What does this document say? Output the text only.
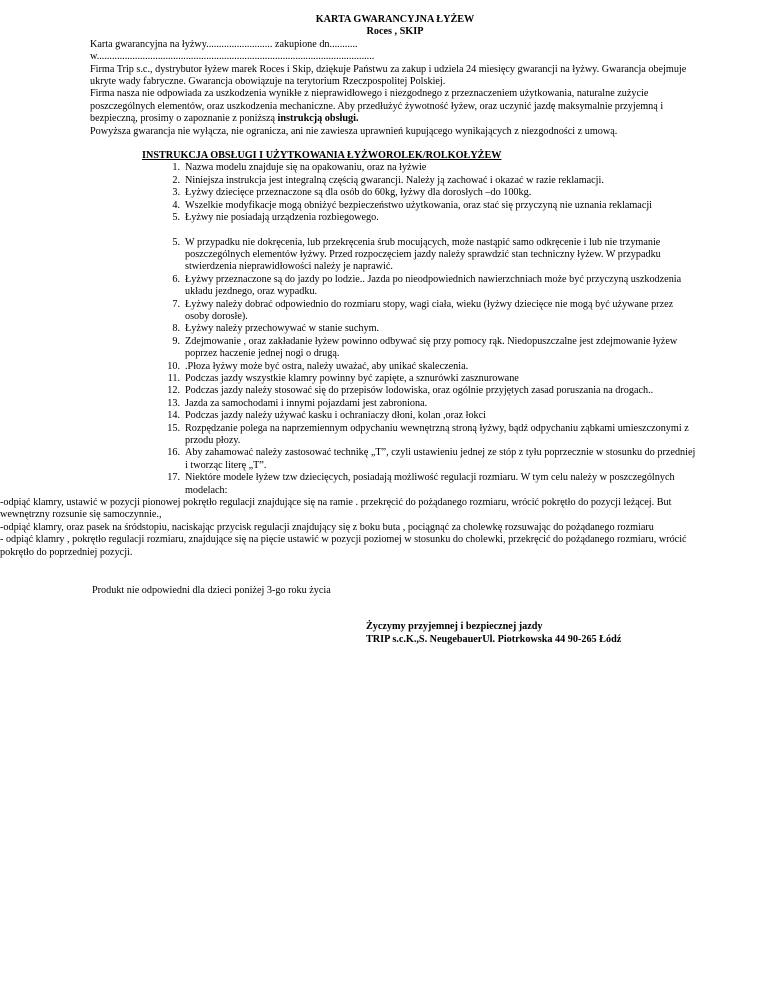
KARTA GWARANCYJNA ŁYŻEW
Roces , SKIP

Karta gwarancyjna na łyżwy.......................... zakupione dn...........

w.............................................................................................................

Firma Trip s.c., dystrybutor łyżew marek Roces i Skip, dziękuje Państwu za zakup i udziela 24 miesięcy gwarancji na łyżwy. Gwarancja obejmuje ukryte wady fabryczne. Gwarancja obowiązuje na terytorium Rzeczpospolitej Polskiej.

Firma nasza nie odpowiada za uszkodzenia wynikłe z nieprawidłowego i niezgodnego z przeznaczeniem użytkowania, naturalne zużycie poszczególnych elementów, oraz uszkodzenia mechaniczne. Aby przedłużyć żywotność łyżew, oraz uczynić jazdę maksymalnie przyjemną i bezpieczną, prosimy o zapoznanie z poniższą instrukcją obsługi.

Powyższa gwarancja nie wyłącza, nie ogranicza, ani nie zawiesza uprawnień kupującego wynikających z niezgodności z umową.

INSTRUKCJA OBSŁUGI I UŻYTKOWANIA ŁYŻWOROLEK/ROLKOŁYŻEW
1. Nazwa modelu znajduje się na opakowaniu, oraz na łyżwie
2. Niniejsza instrukcja jest integralną częścią gwarancji. Należy ją zachować i okazać w razie reklamacji.
3. Łyżwy dziecięce przeznaczone są dla osób do 60kg, łyżwy dla dorosłych –do 100kg.
4. Wszelkie modyfikacje mogą obniżyć bezpieczeństwo użytkowania, oraz stać się przyczyną nie uznania reklamacji
5. Łyżwy nie posiadają urządzenia rozbiegowego.
5. W przypadku nie dokręcenia, lub przekręcenia śrub mocujących, może nastąpić samo odkręcenie i lub nie trzymanie poszczególnych elementów łyżwy. Przed rozpoczęciem jazdy należy sprawdzić stan techniczny łyżew. W przypadku stwierdzenia nieprawidłowości należy je naprawić.
6. Łyżwy przeznaczone są do jazdy po lodzie.. Jazda po nieodpowiednich nawierzchniach może być przyczyną uszkodzenia układu jezdnego, oraz wypadku.
7. Łyżwy należy dobrać odpowiednio do rozmiaru stopy, wagi ciała, wieku (łyżwy dziecięce nie mogą być używane przez osoby dorosłe).
8. Łyżwy należy przechowywać w stanie suchym.
9. Zdejmowanie , oraz zakładanie łyżew powinno odbywać się przy pomocy rąk. Niedopuszczalne jest zdejmowanie łyżew poprzez haczenie jednej nogi o drugą.
10. .Płoza łyżwy może być ostra, należy uważać, aby unikać skaleczenia.
11. Podczas jazdy wszystkie klamry powinny być zapięte, a sznurówki zasznurowane
12. Podczas jazdy należy stosować się do przepisów lodowiska, oraz ogólnie przyjętych zasad poruszania na drogach..
13. Jazda za samochodami i innymi pojazdami jest zabroniona.
14. Podczas jazdy należy używać kasku i ochraniaczy dłoni, kolan ,oraz łokci
15. Rozpędzanie polega na naprzemiennym odpychaniu wewnętrzną stroną łyżwy, bądź odpychaniu ząbkami umieszczonymi z przodu płozy.
16. Aby zahamować należy zastosować technikę „T”, czyli ustawieniu jednej ze stóp z tyłu poprzecznie w stosunku do przedniej i tworząc literę „T”.
17. Niektóre modele łyżew tzw dziecięcych, posiadają możliwość regulacji rozmiaru. W tym celu należy w poszczególnych modelach:

-odpiąć klamry, ustawić w pozycji pionowej pokrętło regulacji znajdujące się na ramie . przekręcić do pożądanego rozmiaru, wrócić pokrętło do pozycji leżącej. But wewnętrzny rozsunie się samoczynnie.,

-odpiąć klamry, oraz pasek na śródstopiu, naciskając przycisk regulacji znajdujący się z boku buta , pociągnąć za cholewkę rozsuwając do pożądanego rozmiaru

- odpiąć klamry , pokrętło regulacji rozmiaru, znajdujące się na pięcie ustawić w pozycji poziomej w stosunku do cholewki, przekręcić do pożądanego rozmiaru, wrócić pokrętło do poprzedniej pozycji.

Produkt nie odpowiedni dla dzieci poniżej 3-go roku życia

Życzymy przyjemnej i bezpiecznej jazdy
TRIP s.c.K.,S. NeugebauerUl. Piotrkowska 44 90-265 Łódź
